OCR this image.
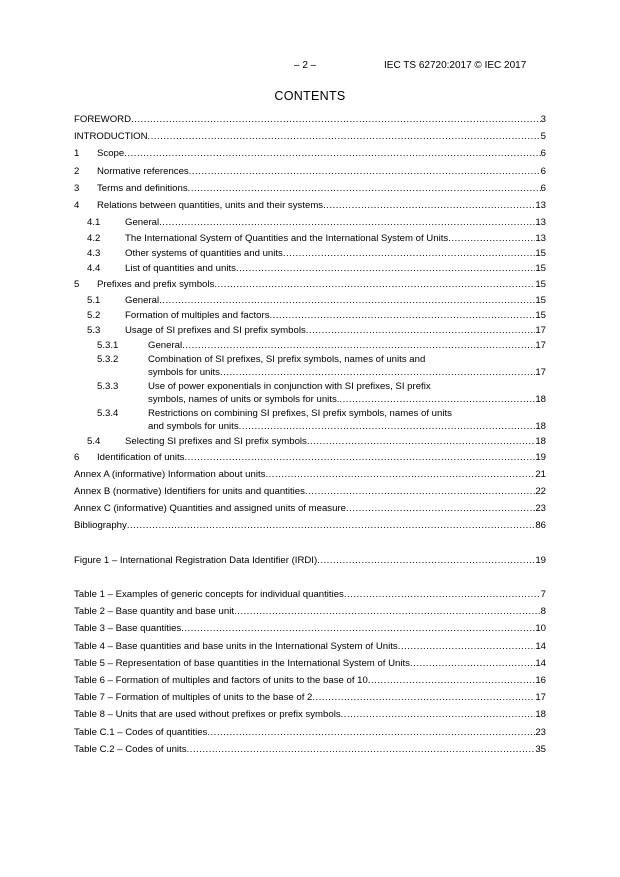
– 2 –	IEC TS 62720:2017 © IEC 2017
CONTENTS
FOREWORD .....	3
INTRODUCTION .....	5
1	Scope .....	6
2	Normative references .....	6
3	Terms and definitions .....	6
4	Relations between quantities, units and their systems .....	13
4.1	General .....	13
4.2	The International System of Quantities and the International System of Units .....	13
4.3	Other systems of quantities and units .....	15
4.4	List of quantities and units .....	15
5	Prefixes and prefix symbols .....	15
5.1	General .....	15
5.2	Formation of multiples and factors .....	15
5.3	Usage of SI prefixes and SI prefix symbols .....	17
5.3.1	General .....	17
5.3.2	Combination of SI prefixes, SI prefix symbols, names of units and
symbols for units .....	17
5.3.3	Use of power exponentials in conjunction with SI prefixes, SI prefix
symbols, names of units or symbols for units. .....	18
5.3.4	Restrictions on combining SI prefixes, SI prefix symbols, names of units
and symbols for units .....	18
5.4	Selecting SI prefixes and SI prefix symbols .....	18
6	Identification of units .....	19
Annex A (informative) Information about units .....	21
Annex B (normative) Identifiers for units and quantities .....	22
Annex C (informative) Quantities and assigned units of measure .....	23
Bibliography .....	86
Figure 1 – International Registration Data Identifier (IRDI) .....	19
Table 1 – Examples of generic concepts for individual quantities .....	7
Table 2 – Base quantity and base unit .....	8
Table 3 – Base quantities .....	10
Table 4 – Base quantities and base units in the International System of Units .....	14
Table 5 – Representation of base quantities in the International System of Units .....	14
Table 6 – Formation of multiples and factors of units to the base of 10 .....	16
Table 7 – Formation of multiples of units to the base of 2 .....	17
Table 8 – Units that are used without prefixes or prefix symbols .....	18
Table C.1 – Codes of quantities .....	23
Table C.2 – Codes of units .....	35
